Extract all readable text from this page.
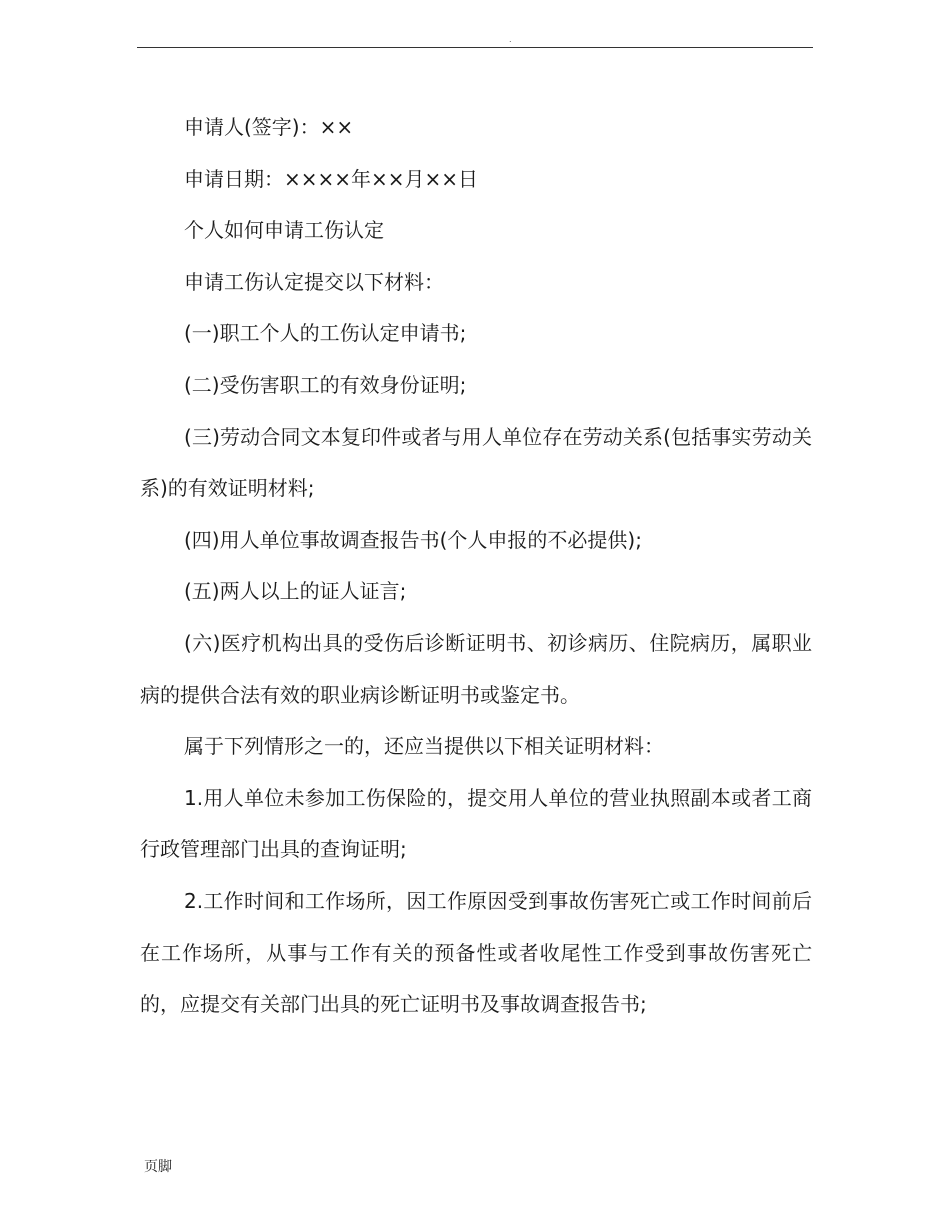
.

申请人(签字)：××

申请日期：××××年××月××日

个人如何申请工伤认定

申请工伤认定提交以下材料：

(一)职工个人的工伤认定申请书;

(二)受伤害职工的有效身份证明;

(三)劳动合同文本复印件或者与用人单位存在劳动关系(包括事实劳动关系)的有效证明材料;

(四)用人单位事故调查报告书(个人申报的不必提供);

(五)两人以上的证人证言;

(六)医疗机构出具的受伤后诊断证明书、初诊病历、住院病历，属职业病的提供合法有效的职业病诊断证明书或鉴定书。

属于下列情形之一的，还应当提供以下相关证明材料：

1.用人单位未参加工伤保险的，提交用人单位的营业执照副本或者工商行政管理部门出具的查询证明;

2.工作时间和工作场所，因工作原因受到事故伤害死亡或工作时间前后在工作场所，从事与工作有关的预备性或者收尾性工作受到事故伤害死亡的，应提交有关部门出具的死亡证明书及事故调查报告书;

页脚
